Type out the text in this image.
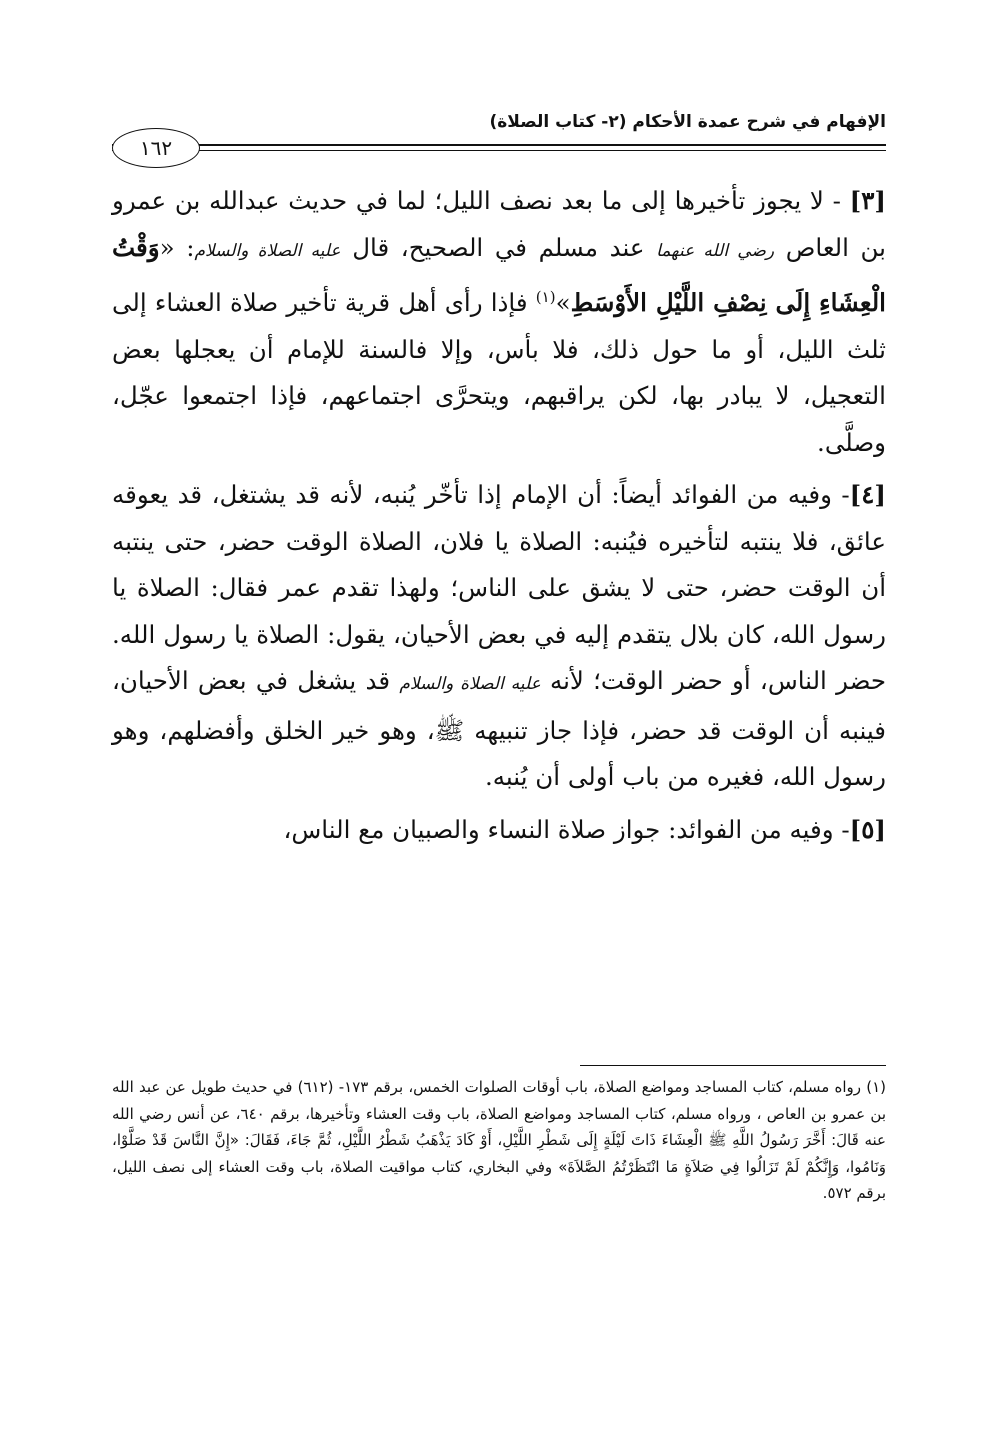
الإفهام في شرح عمدة الأحكام (٢- كتاب الصلاة)
١٦٢

[٣] - لا يجوز تأخيرها إلى ما بعد نصف الليل؛ لما في حديث عبدالله بن عمرو بن العاص رضي الله عنهما عند مسلم في الصحيح، قال عليه الصلاة والسلام: «وَقْتُ الْعِشَاءِ إِلَى نِصْفِ اللَّيْلِ الأَوْسَطِ»$^{(١)}$ فإذا رأى أهل قرية تأخير صلاة العشاء إلى ثلث الليل، أو ما حول ذلك، فلا بأس، وإلا فالسنة للإمام أن يعجلها بعض التعجيل، لا يبادر بها، لكن يراقبهم، ويتحرَّى اجتماعهم، فإذا اجتمعوا عجّل، وصلَّى.

[٤]- وفيه من الفوائد أيضاً: أن الإمام إذا تأخّر يُنبه، لأنه قد يشتغل، قد يعوقه عائق، فلا ينتبه لتأخيره فيُنبه: الصلاة يا فلان، الصلاة الوقت حضر، حتى ينتبه أن الوقت حضر، حتى لا يشق على الناس؛ ولهذا تقدم عمر فقال: الصلاة يا رسول الله، كان بلال يتقدم إليه في بعض الأحيان، يقول: الصلاة يا رسول الله. حضر الناس، أو حضر الوقت؛ لأنه عليه الصلاة والسلام قد يشغل في بعض الأحيان، فينبه أن الوقت قد حضر، فإذا جاز تنبيهه ﷺ، وهو خير الخلق وأفضلهم، وهو رسول الله، فغيره من باب أولى أن يُنبه.

[٥]- وفيه من الفوائد: جواز صلاة النساء والصبيان مع الناس،

(١) رواه مسلم، كتاب المساجد ومواضع الصلاة، باب أوقات الصلوات الخمس، برقم ١٧٣- (٦١٢) في حديث طويل عن عبد الله بن عمرو بن العاص ، ورواه مسلم، كتاب المساجد ومواضع الصلاة، باب وقت العشاء وتأخيرها، برقم ٦٤٠، عن أنس رضي الله عنه قَالَ: أَخَّرَ رَسُولُ اللَّهِ ﷺ الْعِشَاءَ ذَاتَ لَيْلَةٍ إِلَى شَطْرِ اللَّيْلِ، أَوْ كَادَ يَذْهَبُ شَطْرُ اللَّيْلِ، ثُمَّ جَاءَ، فَقَالَ: «إِنَّ النَّاسَ قَدْ صَلَّوْا، وَنَامُوا، وَإِنَّكُمْ لَمْ تَزَالُوا فِي صَلاَةٍ مَا انْتَظَرْتُمُ الصَّلاَةَ» وفي البخاري، كتاب مواقيت الصلاة، باب وقت العشاء إلى نصف الليل، برقم ٥٧٢.
